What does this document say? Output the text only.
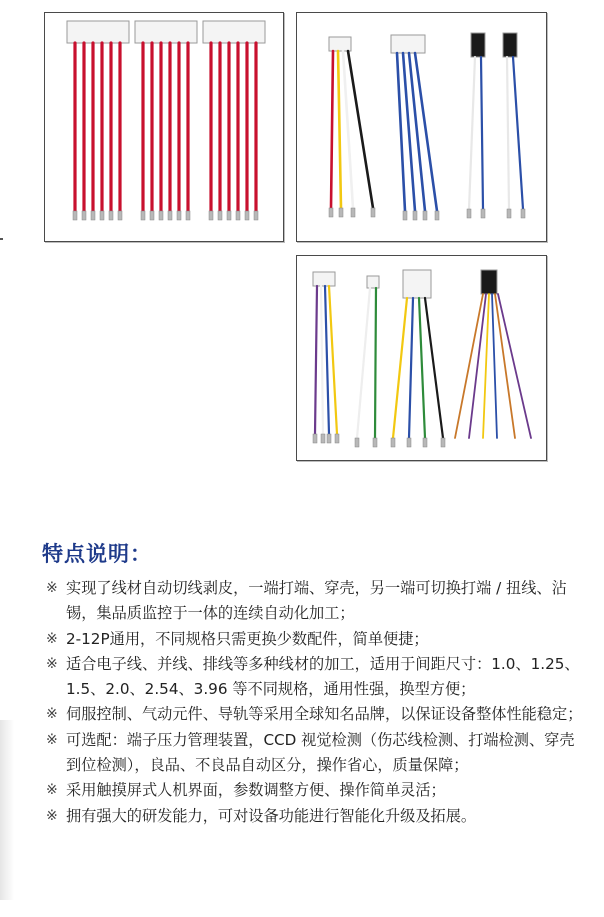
特点说明：
※ 实现了线材自动切线剥皮，一端打端、穿壳，另一端可切换打端 / 扭线、沾锡，集品质监控于一体的连续自动化加工；
※ 2-12P通用，不同规格只需更换少数配件，简单便捷；
※ 适合电子线、并线、排线等多种线材的加工，适用于间距尺寸：1.0、1.25、1.5、2.0、2.54、3.96 等不同规格，通用性强，换型方便；
※ 伺服控制、气动元件、导轨等采用全球知名品牌，以保证设备整体性能稳定；
※ 可选配：端子压力管理装置，CCD 视觉检测（伤芯线检测、打端检测、穿壳到位检测），良品、不良品自动区分，操作省心，质量保障；
※ 采用触摸屏式人机界面，参数调整方便、操作简单灵活；
※ 拥有强大的研发能力，可对设备功能进行智能化升级及拓展。
